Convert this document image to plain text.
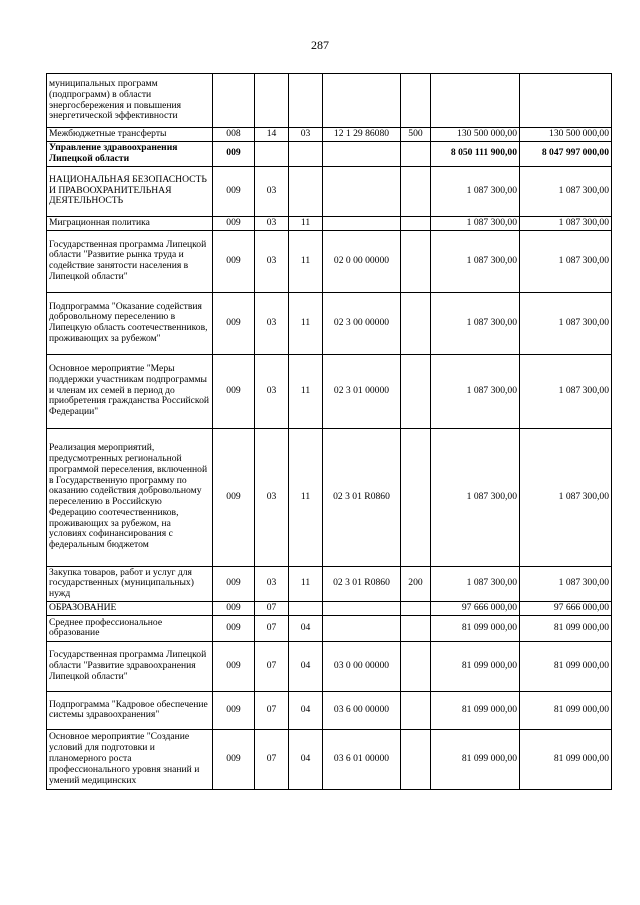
287
муниципальных программ (подпрограмм) в области энергосбережения и повышения энергетической эффективности							
Межбюджетные трансферты	008	14	03	12 1 29 86080	500	130 500 000,00	130 500 000,00
Управление здравоохранения Липецкой области	009					8 050 111 900,00	8 047 997 000,00
НАЦИОНАЛЬНАЯ БЕЗОПАСНОСТЬ И ПРАВООХРАНИТЕЛЬНАЯ ДЕЯТЕЛЬНОСТЬ	009	03				1 087 300,00	1 087 300,00
Миграционная политика	009	03	11			1 087 300,00	1 087 300,00
Государственная программа Липецкой области "Развитие рынка труда и содействие занятости населения в Липецкой области"	009	03	11	02 0 00 00000		1 087 300,00	1 087 300,00
Подпрограмма "Оказание содействия добровольному переселению в Липецкую область соотечественников, проживающих за рубежом"	009	03	11	02 3 00 00000		1 087 300,00	1 087 300,00
Основное мероприятие "Меры поддержки участникам подпрограммы и членам их семей в период до приобретения гражданства Российской Федерации"	009	03	11	02 3 01 00000		1 087 300,00	1 087 300,00
Реализация мероприятий, предусмотренных региональной программой переселения, включенной в Государственную программу по оказанию содействия добровольному переселению в Российскую Федерацию соотечественников, проживающих за рубежом, на условиях софинансирования с федеральным бюджетом	009	03	11	02 3 01 R0860		1 087 300,00	1 087 300,00
Закупка товаров, работ и услуг для государственных (муниципальных) нужд	009	03	11	02 3 01 R0860	200	1 087 300,00	1 087 300,00
ОБРАЗОВАНИЕ	009	07				97 666 000,00	97 666 000,00
Среднее профессиональное образование	009	07	04			81 099 000,00	81 099 000,00
Государственная программа Липецкой области "Развитие здравоохранения Липецкой области"	009	07	04	03 0 00 00000		81 099 000,00	81 099 000,00
Подпрограмма "Кадровое обеспечение системы здравоохранения"	009	07	04	03 6 00 00000		81 099 000,00	81 099 000,00
Основное мероприятие "Создание условий для подготовки и планомерного роста профессионального уровня знаний и умений медицинских	009	07	04	03 6 01 00000		81 099 000,00	81 099 000,00
